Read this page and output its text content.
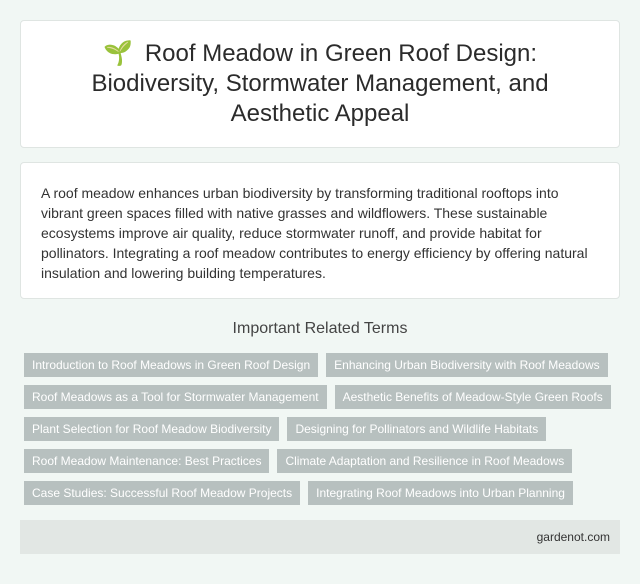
🌱 Roof Meadow in Green Roof Design: Biodiversity, Stormwater Management, and Aesthetic Appeal

A roof meadow enhances urban biodiversity by transforming traditional rooftops into vibrant green spaces filled with native grasses and wildflowers. These sustainable ecosystems improve air quality, reduce stormwater runoff, and provide habitat for pollinators. Integrating a roof meadow contributes to energy efficiency by offering natural insulation and lowering building temperatures.

Important Related Terms
Introduction to Roof Meadows in Green Roof Design	Enhancing Urban Biodiversity with Roof Meadows
Roof Meadows as a Tool for Stormwater Management	Aesthetic Benefits of Meadow-Style Green Roofs
Plant Selection for Roof Meadow Biodiversity	Designing for Pollinators and Wildlife Habitats
Roof Meadow Maintenance: Best Practices	Climate Adaptation and Resilience in Roof Meadows
Case Studies: Successful Roof Meadow Projects	Integrating Roof Meadows into Urban Planning
gardenot.com
